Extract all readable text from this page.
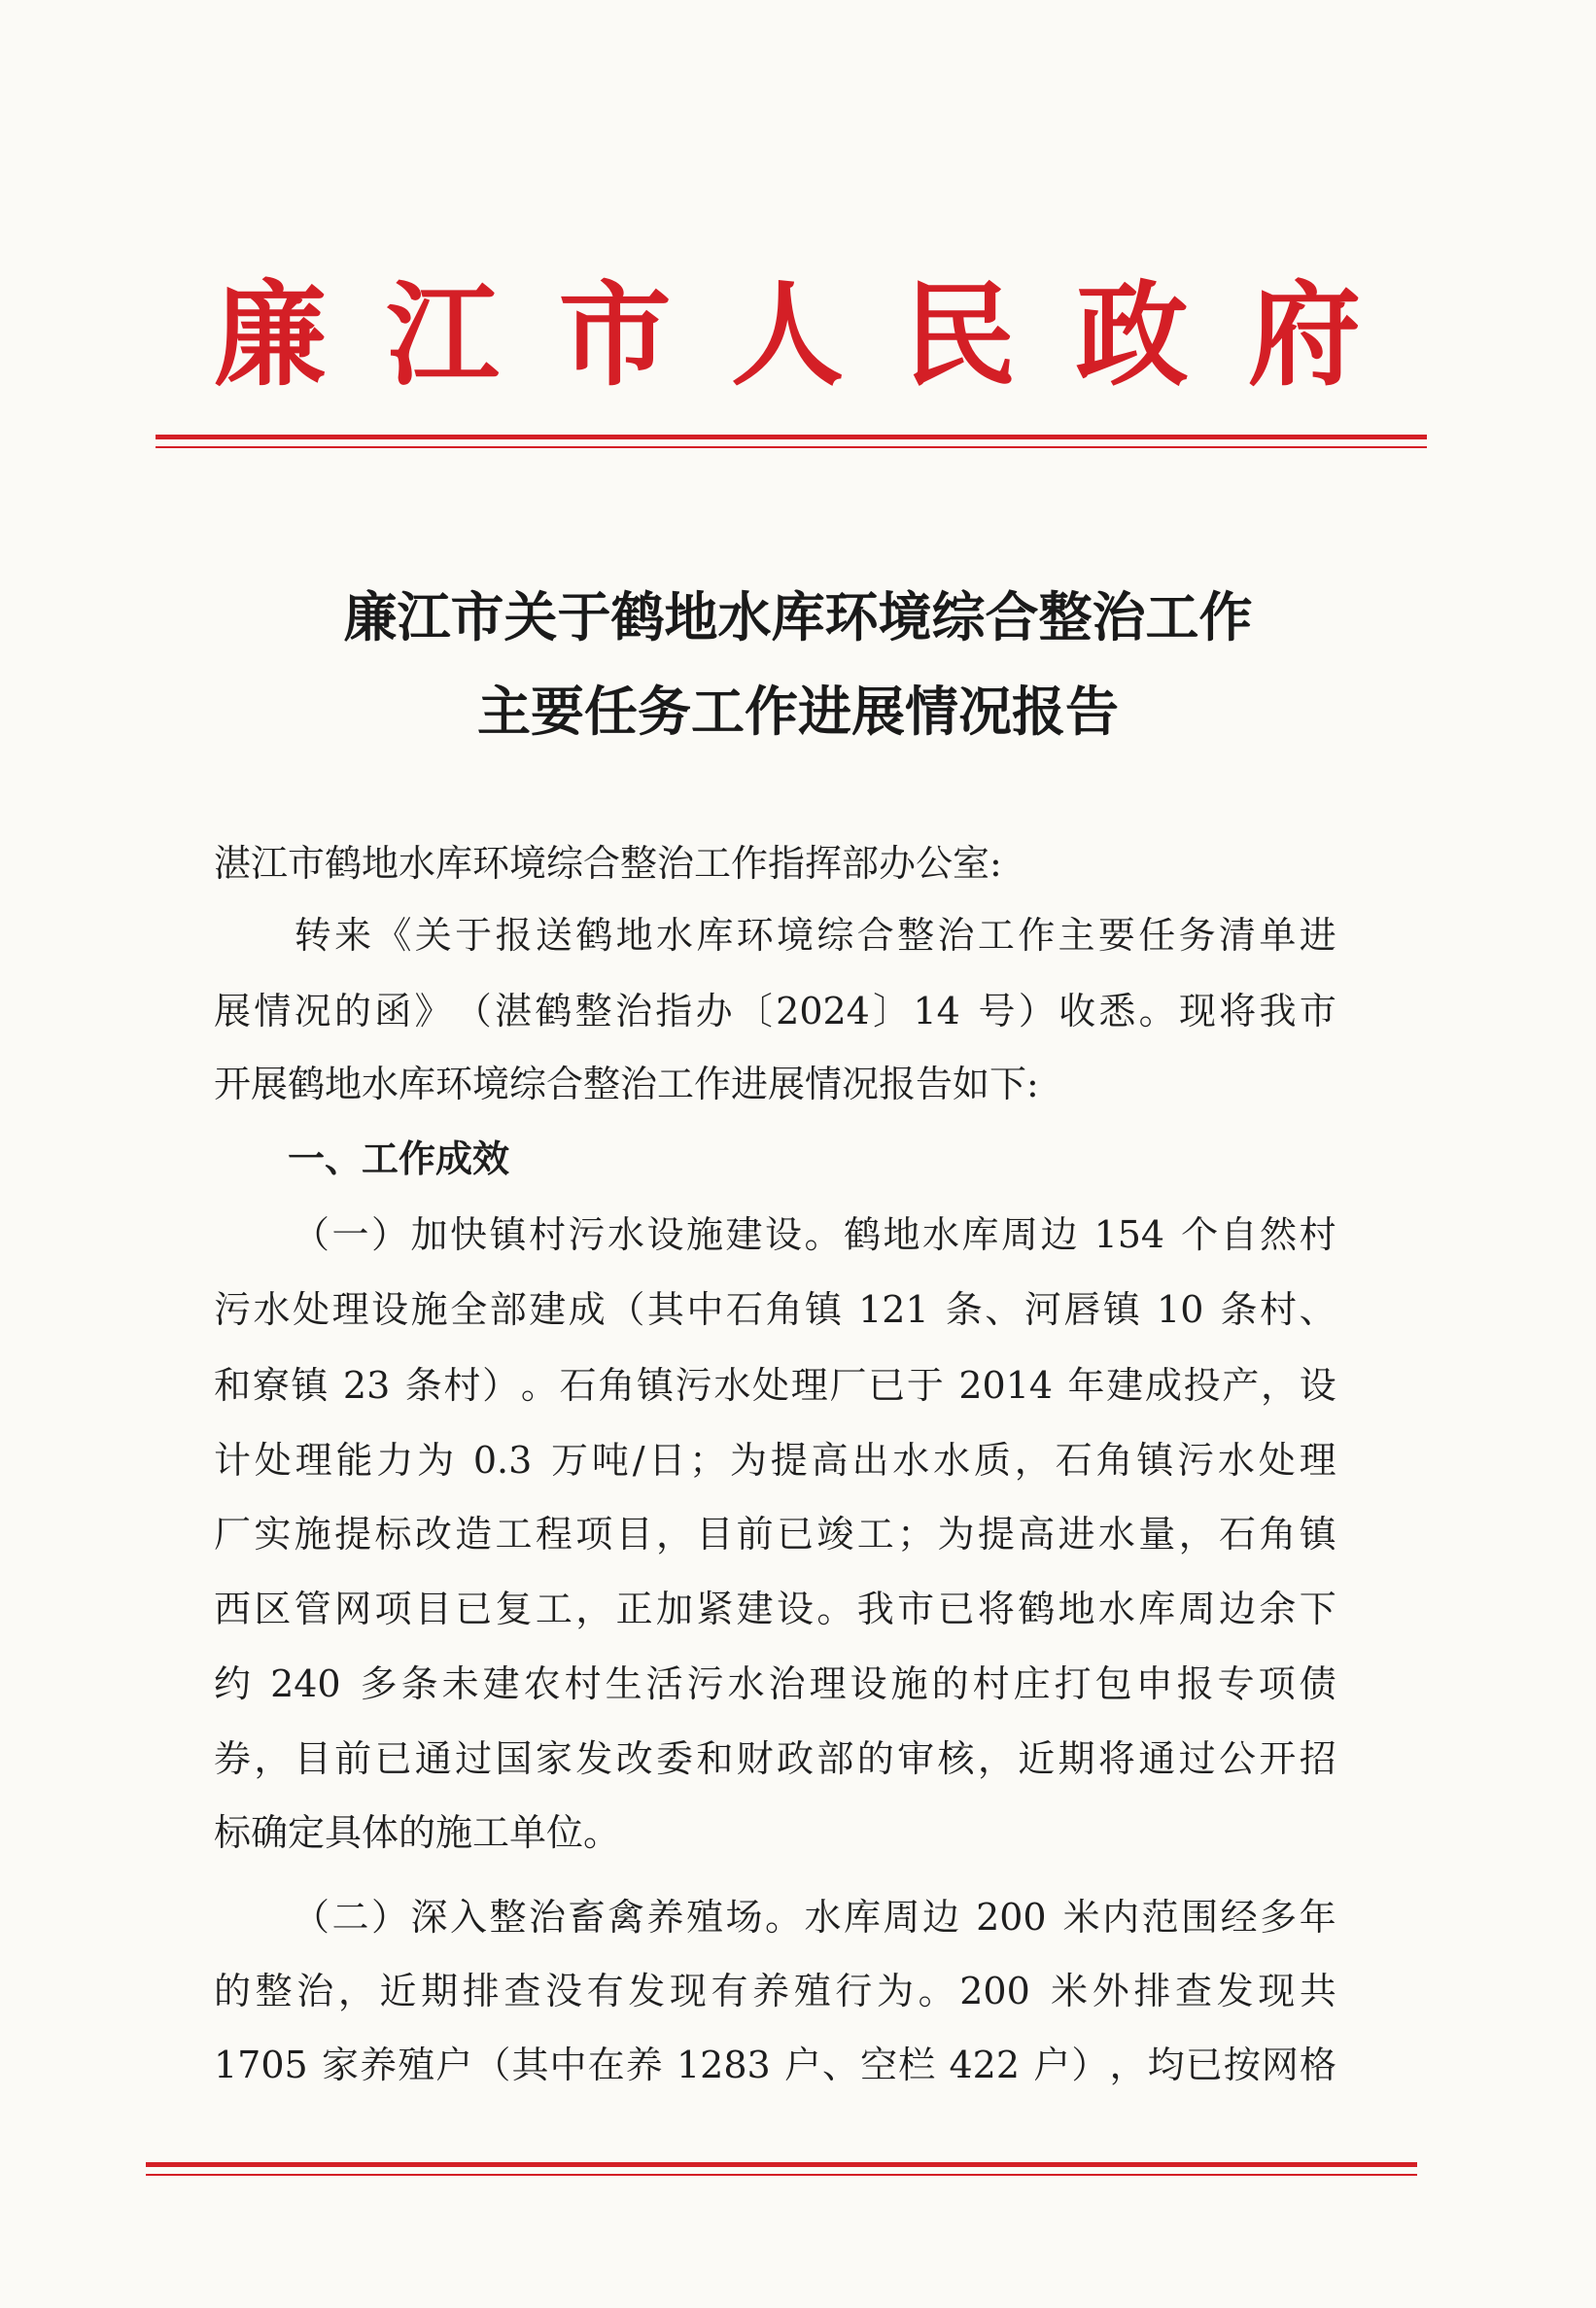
廉 江 市 人 民 政 府
廉江市关于鹤地水库环境综合整治工作
主要任务工作进展情况报告
湛江市鹤地水库环境综合整治工作指挥部办公室:

转 来 《 关 于 报 送 鹤 地 水 库 环 境 综 合 整 治 工 作 主 要 任 务 清 单 进
展 情 况 的 函 》 （ 湛 鹤 整 治 指 办 〔 2024 〕 14
号 ） 收 悉 。 现 将 我 市
开展鹤地水库环境综合整治工作进展情况报告如下:
　　一、工作成效

（ 一 ） 加 快 镇 村 污 水 设 施 建 设 。 鹤 地 水 库 周 边
154
个 自 然 村
污 水 处 理 设 施 全 部 建 成 （ 其 中 石 角 镇
121
条 、 河 唇 镇
10
条 村 、
和 寮 镇
23
条 村 ） 。 石 角 镇 污 水 处 理 厂 已 于
2014
年 建 成 投 产 ， 设
计 处 理 能 力 为
0.3
万 吨 / 日 ； 为 提 高 出 水 水 质 ， 石 角 镇 污 水 处 理
厂 实 施 提 标 改 造 工 程 项 目 ， 目 前 已 竣 工 ； 为 提 高 进 水 量 ， 石 角 镇
西 区 管 网 项 目 已 复 工 ， 正 加 紧 建 设 。 我 市 已 将 鹤 地 水 库 周 边 余 下
约
240
多 条 未 建 农 村 生 活 污 水 治 理 设 施 的 村 庄 打 包 申 报 专 项 债
券 ， 目 前 已 通 过 国 家 发 改 委 和 财 政 部 的 审 核 ， 近 期 将 通 过 公 开 招
标确定具体的施工单位。

（ 二 ） 深 入 整 治 畜 禽 养 殖 场 。 水 库 周 边
200
米 内 范 围 经 多 年
的 整 治 ， 近 期 排 查 没 有 发 现 有 养 殖 行 为 。 200
米 外 排 查 发 现 共
1705
家 养 殖 户 （ 其 中 在 养
1283
户 、 空 栏
422
户 ） ， 均 已 按 网 格
